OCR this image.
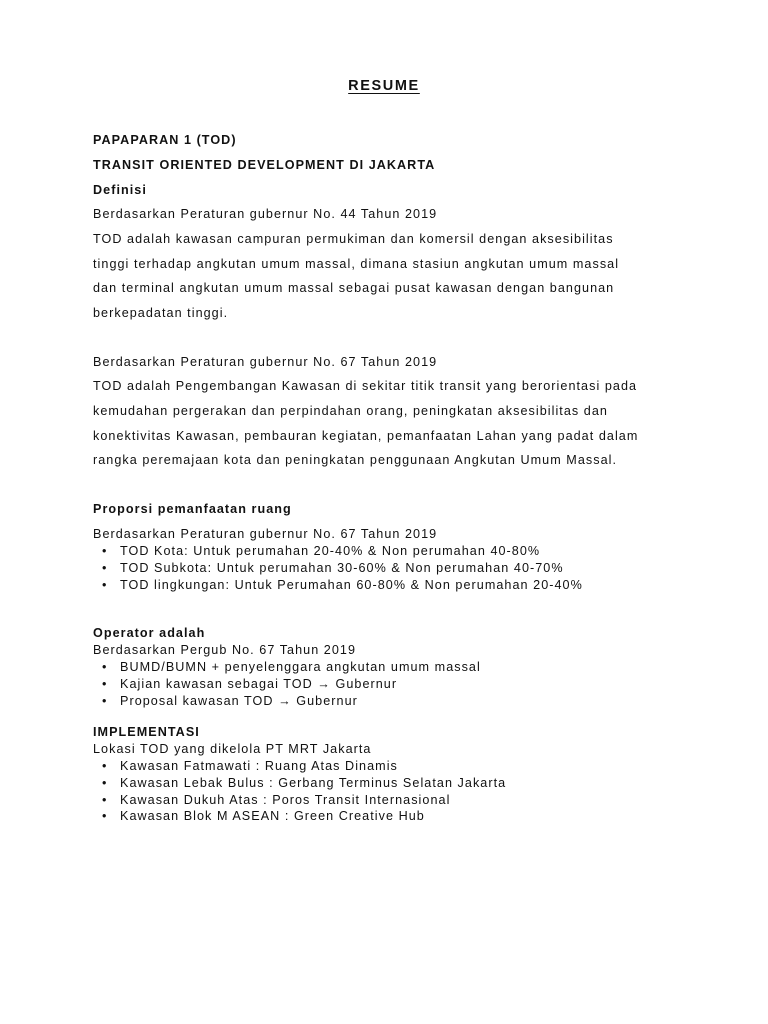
RESUME
PAPAPARAN 1 (TOD)
TRANSIT ORIENTED DEVELOPMENT DI JAKARTA
Definisi
Berdasarkan Peraturan gubernur No. 44 Tahun 2019
TOD adalah kawasan campuran permukiman dan komersil dengan aksesibilitas
tinggi terhadap angkutan umum massal, dimana stasiun angkutan umum massal
dan terminal angkutan umum massal sebagai pusat kawasan dengan bangunan
berkepadatan tinggi.
Berdasarkan Peraturan gubernur No. 67 Tahun 2019
TOD adalah Pengembangan Kawasan di sekitar titik transit yang berorientasi pada
kemudahan pergerakan dan perpindahan orang, peningkatan aksesibilitas dan
konektivitas Kawasan, pembauran kegiatan, pemanfaatan Lahan yang padat dalam
rangka peremajaan kota dan peningkatan penggunaan Angkutan Umum Massal.
Proporsi pemanfaatan ruang
Berdasarkan Peraturan gubernur No. 67 Tahun 2019
• TOD Kota: Untuk perumahan 20-40% & Non perumahan 40-80%
• TOD Subkota: Untuk perumahan 30-60% & Non perumahan 40-70%
• TOD lingkungan: Untuk Perumahan 60-80% & Non perumahan 20-40%
Operator adalah
Berdasarkan Pergub No. 67 Tahun 2019
• BUMD/BUMN + penyelenggara angkutan umum massal
• Kajian kawasan sebagai TOD → Gubernur
• Proposal kawasan TOD → Gubernur
IMPLEMENTASI
Lokasi TOD yang dikelola PT MRT Jakarta
• Kawasan Fatmawati : Ruang Atas Dinamis
• Kawasan Lebak Bulus : Gerbang Terminus Selatan Jakarta
• Kawasan Dukuh Atas : Poros Transit Internasional
• Kawasan Blok M ASEAN : Green Creative Hub
